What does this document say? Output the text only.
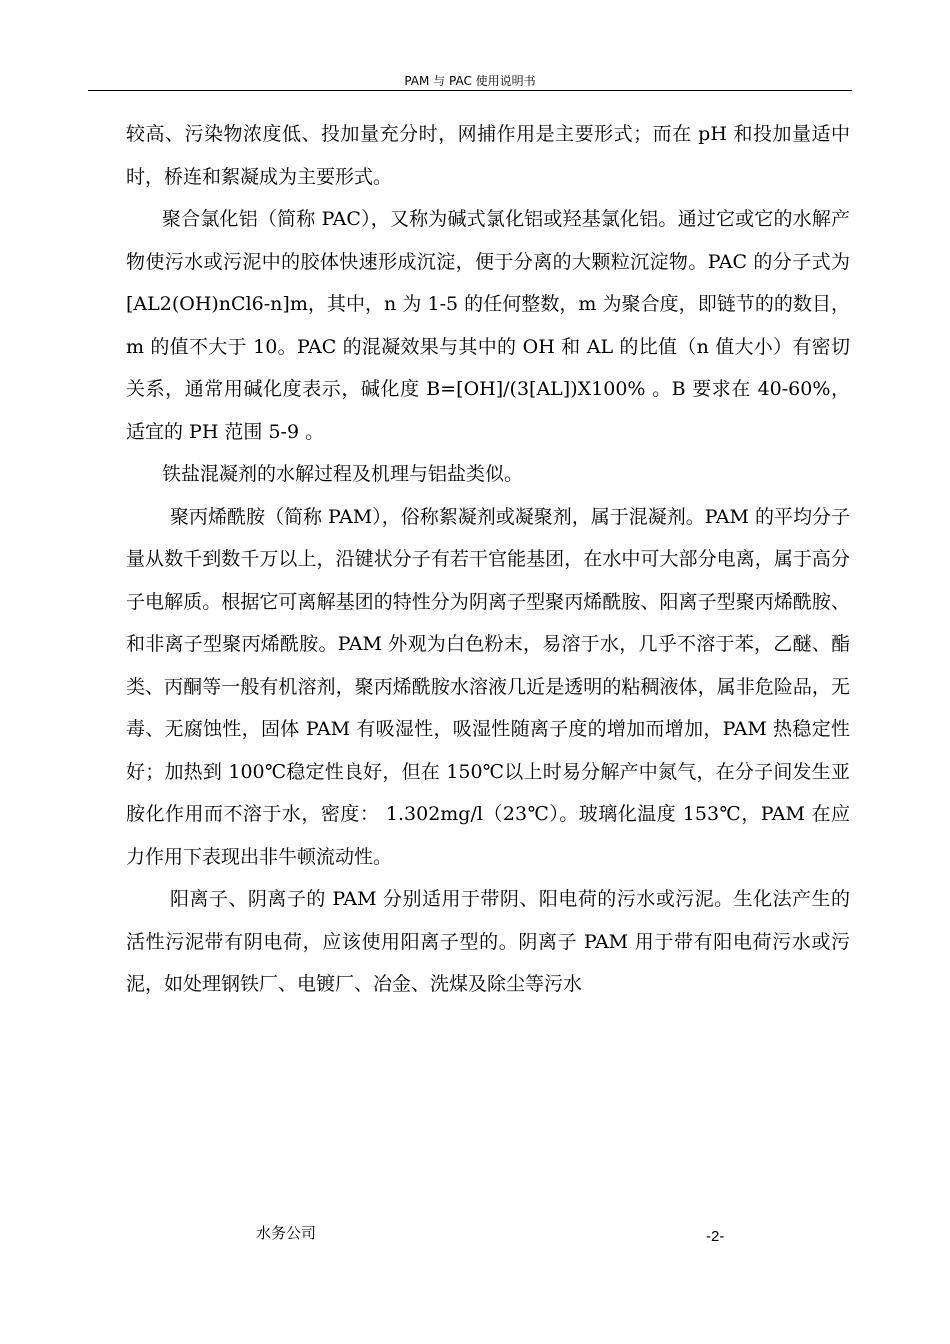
PAM 与 PAC 使用说明书

较高、污染物浓度低、投加量充分时，网捕作用是主要形式；而在 pH 和投加量适中时，桥连和絮凝成为主要形式。

聚合氯化铝（简称 PAC），又称为碱式氯化铝或羟基氯化铝。通过它或它的水解产物使污水或污泥中的胶体快速形成沉淀，便于分离的大颗粒沉淀物。PAC 的分子式为[AL2(OH)nCl6-n]m，其中，n 为 1-5 的任何整数，m 为聚合度，即链节的的数目，m 的值不大于 10。PAC 的混凝效果与其中的 OH 和 AL 的比值（n 值大小）有密切关系，通常用碱化度表示，碱化度 B=[OH]/(3[AL])X100% 。B 要求在 40-60%，适宜的 PH 范围 5-9 。

铁盐混凝剂的水解过程及机理与铝盐类似。

聚丙烯酰胺（简称 PAM），俗称絮凝剂或凝聚剂，属于混凝剂。PAM 的平均分子量从数千到数千万以上，沿键状分子有若干官能基团，在水中可大部分电离，属于高分子电解质。根据它可离解基团的特性分为阴离子型聚丙烯酰胺、阳离子型聚丙烯酰胺、和非离子型聚丙烯酰胺。PAM 外观为白色粉末，易溶于水，几乎不溶于苯，乙醚、酯类、丙酮等一般有机溶剂，聚丙烯酰胺水溶液几近是透明的粘稠液体，属非危险品，无毒、无腐蚀性，固体 PAM 有吸湿性，吸湿性随离子度的增加而增加，PAM 热稳定性好；加热到 100℃稳定性良好，但在 150℃以上时易分解产中氮气，在分子间发生亚胺化作用而不溶于水，密度： 1.302mg/l（23℃）。玻璃化温度 153℃，PAM 在应力作用下表现出非牛顿流动性。

阳离子、阴离子的 PAM 分别适用于带阴、阳电荷的污水或污泥。生化法产生的活性污泥带有阴电荷，应该使用阳离子型的。阴离子 PAM 用于带有阳电荷污水或污泥，如处理钢铁厂、电镀厂、冶金、洗煤及除尘等污水

水务公司	-2-
